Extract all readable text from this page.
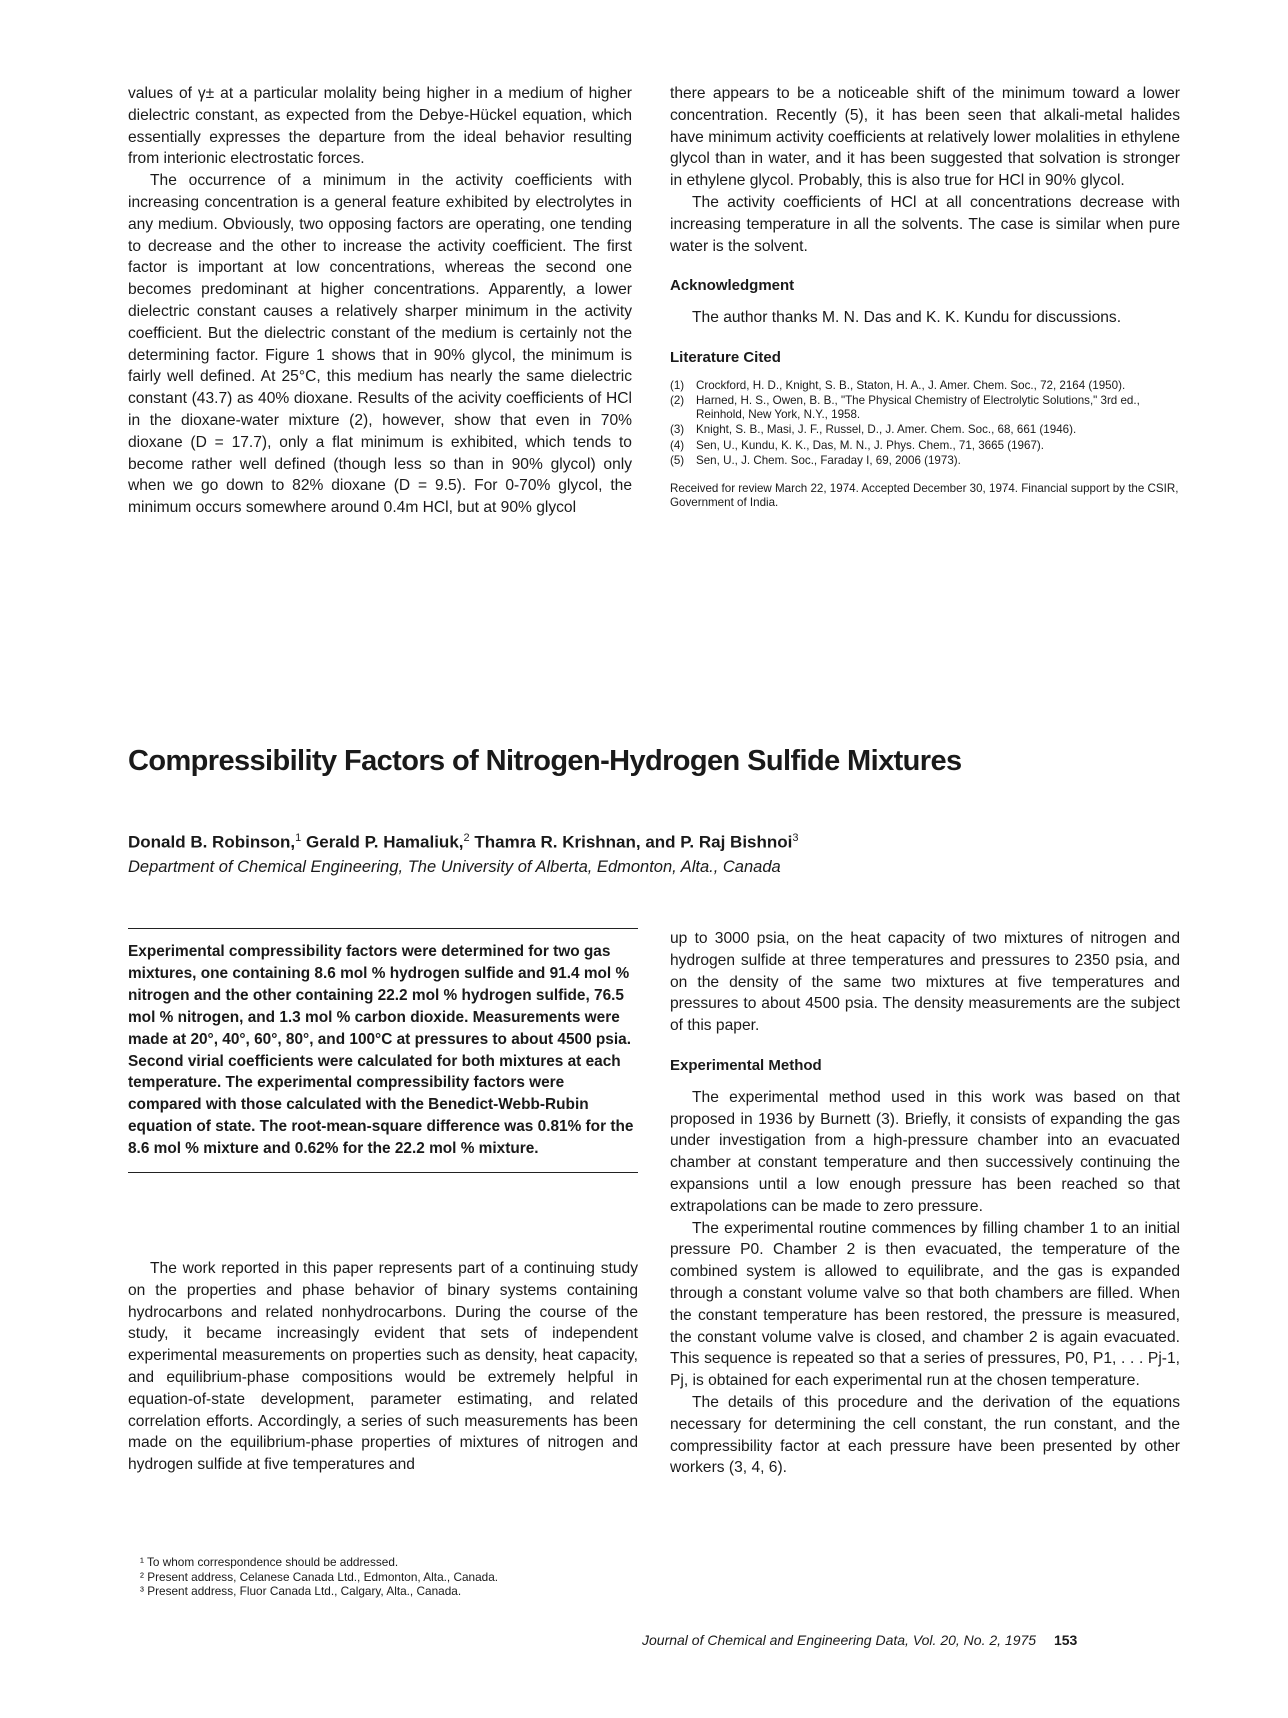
values of γ± at a particular molality being higher in a medium of higher dielectric constant, as expected from the Debye-Hückel equation, which essentially expresses the departure from the ideal behavior resulting from interionic electrostatic forces.

The occurrence of a minimum in the activity coefficients with increasing concentration is a general feature exhibited by electrolytes in any medium. Obviously, two opposing factors are operating, one tending to decrease and the other to increase the activity coefficient. The first factor is important at low concentrations, whereas the second one becomes predominant at higher concentrations. Apparently, a lower dielectric constant causes a relatively sharper minimum in the activity coefficient. But the dielectric constant of the medium is certainly not the determining factor. Figure 1 shows that in 90% glycol, the minimum is fairly well defined. At 25°C, this medium has nearly the same dielectric constant (43.7) as 40% dioxane. Results of the acivity coefficients of HCl in the dioxane-water mixture (2), however, show that even in 70% dioxane (D = 17.7), only a flat minimum is exhibited, which tends to become rather well defined (though less so than in 90% glycol) only when we go down to 82% dioxane (D = 9.5). For 0-70% glycol, the minimum occurs somewhere around 0.4m HCl, but at 90% glycol

there appears to be a noticeable shift of the minimum toward a lower concentration. Recently (5), it has been seen that alkali-metal halides have minimum activity coefficients at relatively lower molalities in ethylene glycol than in water, and it has been suggested that solvation is stronger in ethylene glycol. Probably, this is also true for HCl in 90% glycol.

The activity coefficients of HCl at all concentrations decrease with increasing temperature in all the solvents. The case is similar when pure water is the solvent.

Acknowledgment

The author thanks M. N. Das and K. K. Kundu for discussions.

Literature Cited
(1)	Crockford, H. D., Knight, S. B., Staton, H. A., J. Amer. Chem. Soc., 72, 2164 (1950).
(2)	Harned, H. S., Owen, B. B., "The Physical Chemistry of Electrolytic Solutions," 3rd ed., Reinhold, New York, N.Y., 1958.
(3)	Knight, S. B., Masi, J. F., Russel, D., J. Amer. Chem. Soc., 68, 661 (1946).
(4)	Sen, U., Kundu, K. K., Das, M. N., J. Phys. Chem., 71, 3665 (1967).
(5)	Sen, U., J. Chem. Soc., Faraday I, 69, 2006 (1973).
Received for review March 22, 1974. Accepted December 30, 1974. Financial support by the CSIR, Government of India.
Compressibility Factors of Nitrogen-Hydrogen Sulfide Mixtures
Donald B. Robinson,$^1$ Gerald P. Hamaliuk,$^2$ Thamra R. Krishnan, and P. Raj Bishnoi$^3$
Department of Chemical Engineering, The University of Alberta, Edmonton, Alta., Canada
Experimental compressibility factors were determined for two gas mixtures, one containing 8.6 mol % hydrogen sulfide and 91.4 mol % nitrogen and the other containing 22.2 mol % hydrogen sulfide, 76.5 mol % nitrogen, and 1.3 mol % carbon dioxide. Measurements were made at 20°, 40°, 60°, 80°, and 100°C at pressures to about 4500 psia. Second virial coefficients were calculated for both mixtures at each temperature. The experimental compressibility factors were compared with those calculated with the Benedict-Webb-Rubin equation of state. The root-mean-square difference was 0.81% for the 8.6 mol % mixture and 0.62% for the 22.2 mol % mixture.

The work reported in this paper represents part of a continuing study on the properties and phase behavior of binary systems containing hydrocarbons and related nonhydrocarbons. During the course of the study, it became increasingly evident that sets of independent experimental measurements on properties such as density, heat capacity, and equilibrium-phase compositions would be extremely helpful in equation-of-state development, parameter estimating, and related correlation efforts. Accordingly, a series of such measurements has been made on the equilibrium-phase properties of mixtures of nitrogen and hydrogen sulfide at five temperatures and

¹ To whom correspondence should be addressed.
² Present address, Celanese Canada Ltd., Edmonton, Alta., Canada.
³ Present address, Fluor Canada Ltd., Calgary, Alta., Canada.

up to 3000 psia, on the heat capacity of two mixtures of nitrogen and hydrogen sulfide at three temperatures and pressures to 2350 psia, and on the density of the same two mixtures at five temperatures and pressures to about 4500 psia. The density measurements are the subject of this paper.

Experimental Method

The experimental method used in this work was based on that proposed in 1936 by Burnett (3). Briefly, it consists of expanding the gas under investigation from a high-pressure chamber into an evacuated chamber at constant temperature and then successively continuing the expansions until a low enough pressure has been reached so that extrapolations can be made to zero pressure.

The experimental routine commences by filling chamber 1 to an initial pressure P0. Chamber 2 is then evacuated, the temperature of the combined system is allowed to equilibrate, and the gas is expanded through a constant volume valve so that both chambers are filled. When the constant temperature has been restored, the pressure is measured, the constant volume valve is closed, and chamber 2 is again evacuated. This sequence is repeated so that a series of pressures, P0, P1, . . . Pj-1, Pj, is obtained for each experimental run at the chosen temperature.

The details of this procedure and the derivation of the equations necessary for determining the cell constant, the run constant, and the compressibility factor at each pressure have been presented by other workers (3, 4, 6).

Journal of Chemical and Engineering Data, Vol. 20, No. 2, 1975 153
